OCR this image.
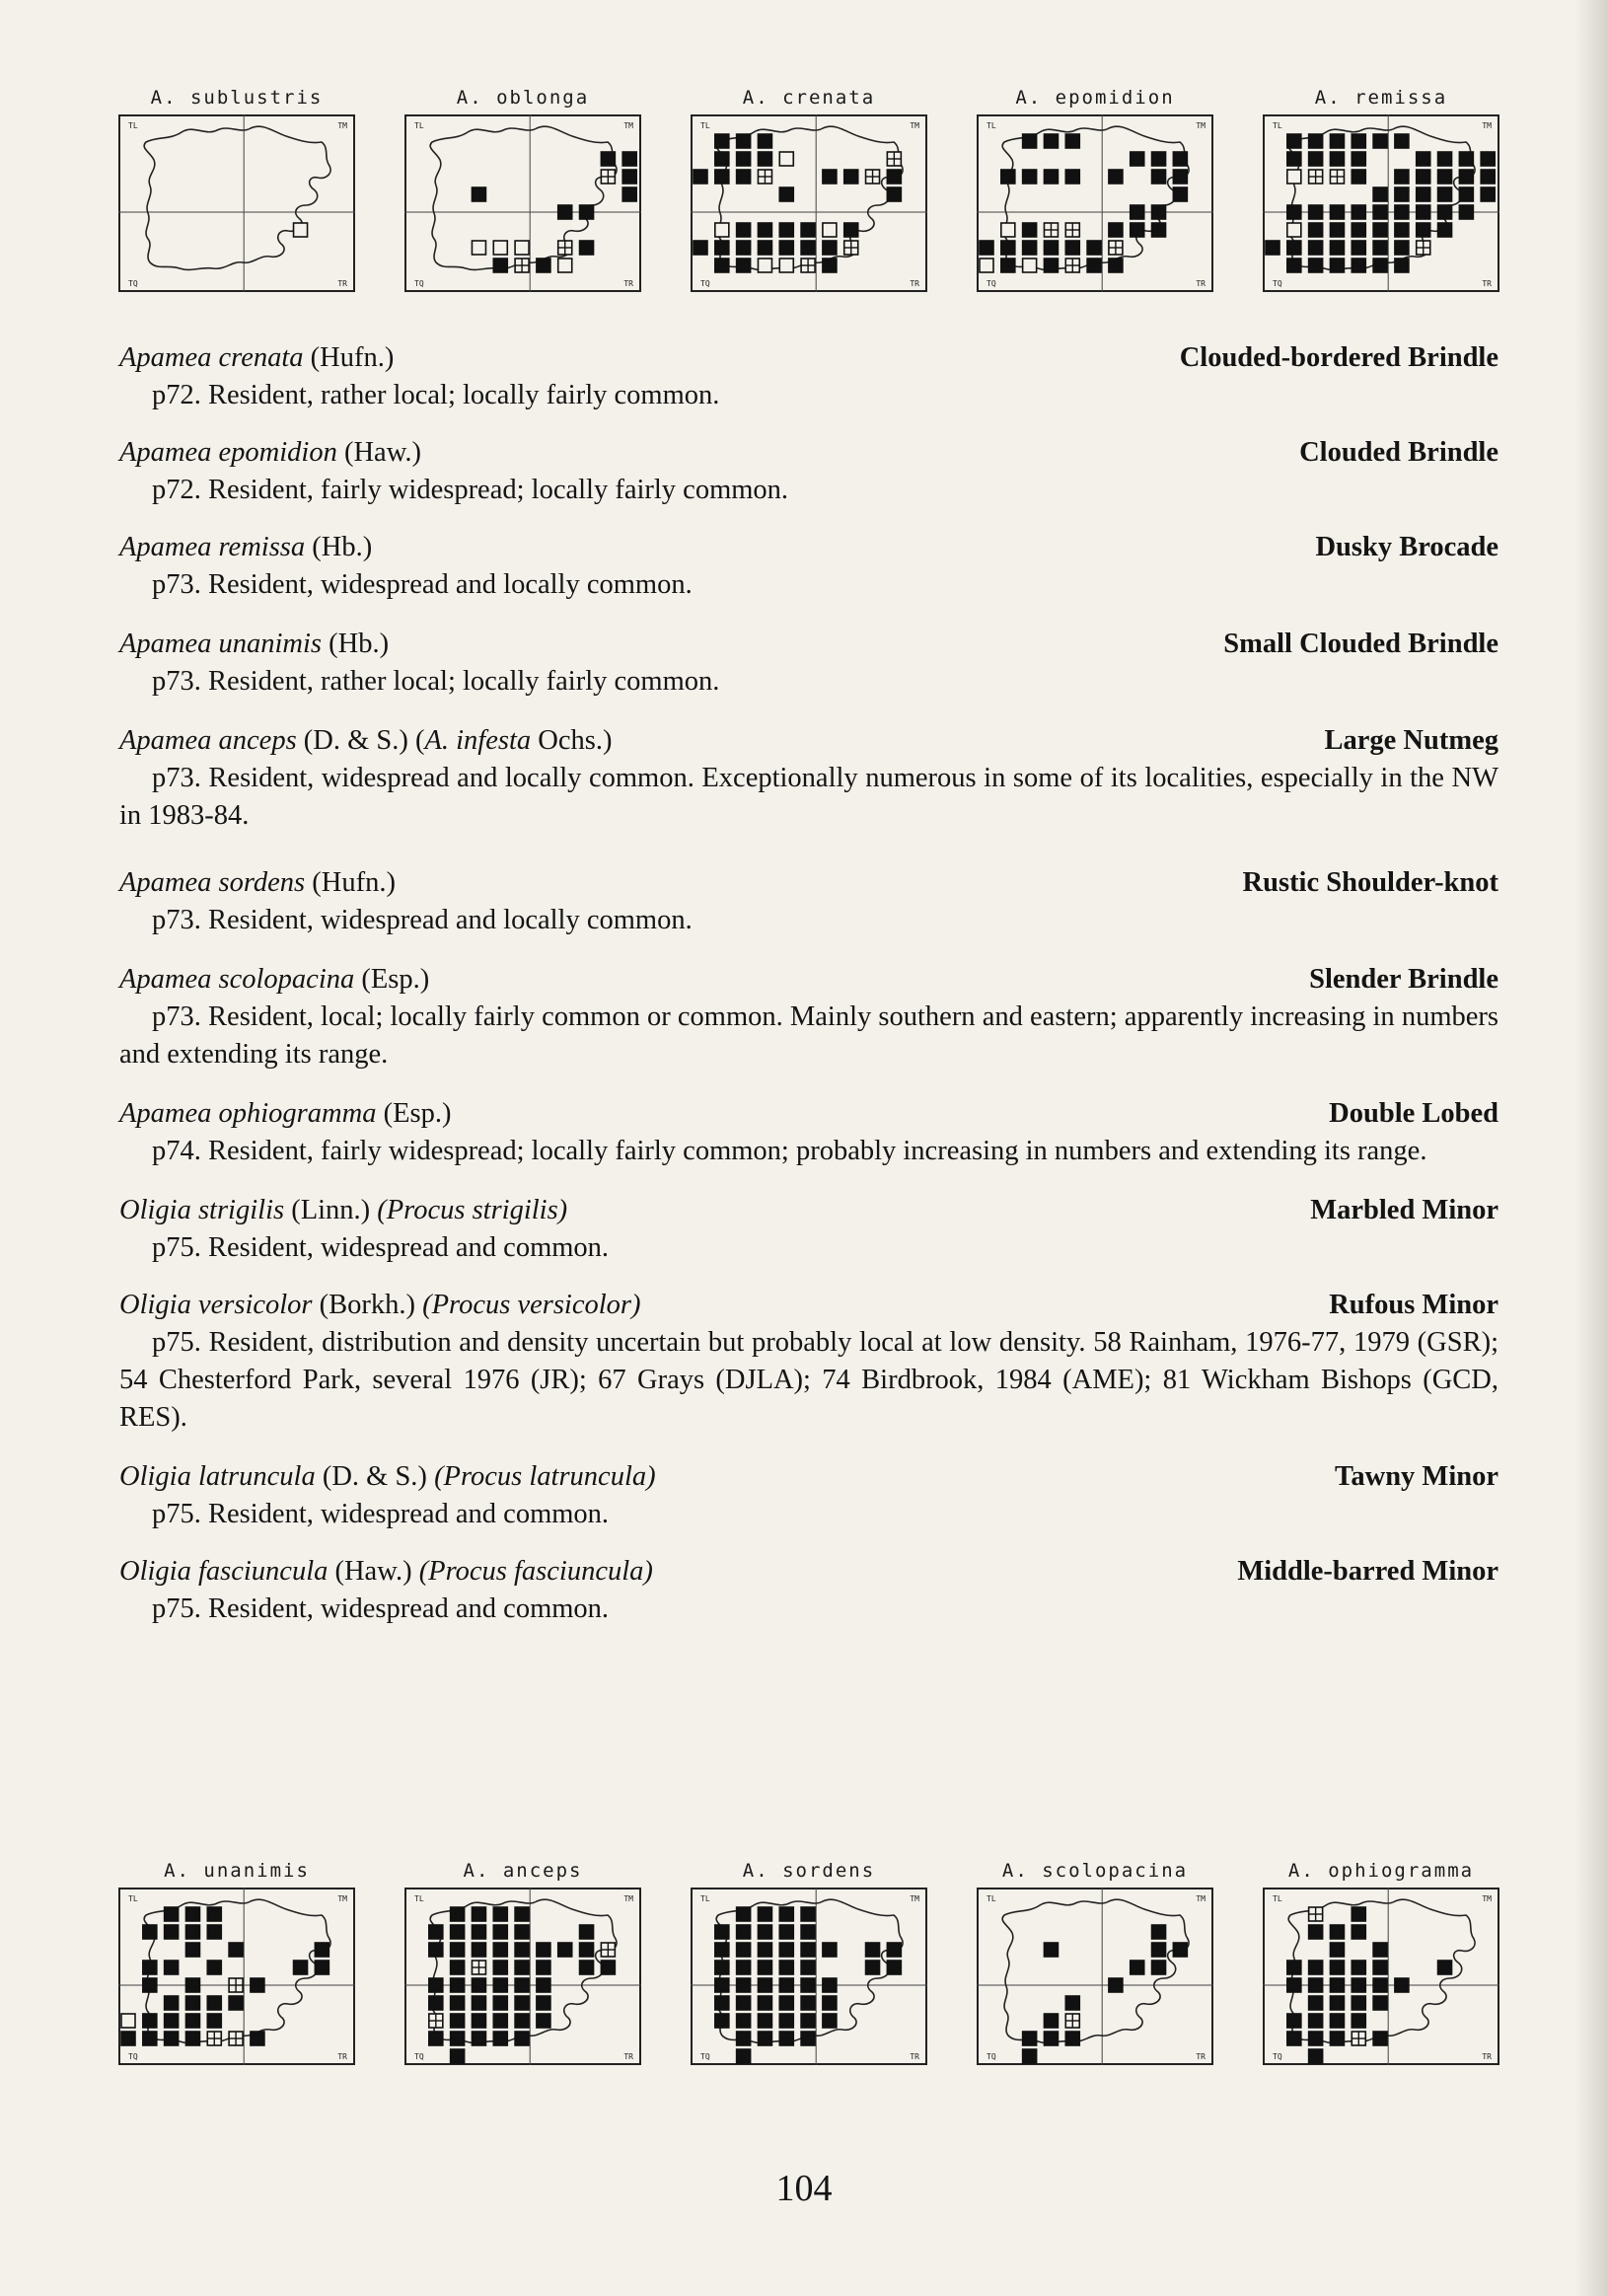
A. sublustris
TL	TM
TQ	TR
A. oblonga
TL	TM
TQ	TR
A. crenata
TL	TM
TQ	TR
A. epomidion
TL	TM
TQ	TR
A. remissa
TL	TM
TQ	TR
Apamea crenata (Hufn.)	Clouded-bordered Brindle
p72. Resident, rather local; locally fairly common.
Apamea epomidion (Haw.)	Clouded Brindle
p72. Resident, fairly widespread; locally fairly common.
Apamea remissa (Hb.)	Dusky Brocade
p73. Resident, widespread and locally common.
Apamea unanimis (Hb.)	Small Clouded Brindle
p73. Resident, rather local; locally fairly common.
Apamea anceps (D. & S.) (A. infesta Ochs.)	Large Nutmeg
p73. Resident, widespread and locally common. Exceptionally numerous in some of its localities, especially in the NW in 1983-84.
Apamea sordens (Hufn.)	Rustic Shoulder-knot
p73. Resident, widespread and locally common.
Apamea scolopacina (Esp.)	Slender Brindle
p73. Resident, local; locally fairly common or common. Mainly southern and eastern; apparently increasing in numbers and extending its range.
Apamea ophiogramma (Esp.)	Double Lobed
p74. Resident, fairly widespread; locally fairly common; probably increasing in numbers and extending its range.
Oligia strigilis (Linn.) (Procus strigilis)	Marbled Minor
p75. Resident, widespread and common.
Oligia versicolor (Borkh.) (Procus versicolor)	Rufous Minor
p75. Resident, distribution and density uncertain but probably local at low density. 58 Rainham, 1976-77, 1979 (GSR); 54 Chesterford Park, several 1976 (JR); 67 Grays (DJLA); 74 Birdbrook, 1984 (AME); 81 Wickham Bishops (GCD, RES).
Oligia latruncula (D. & S.) (Procus latruncula)	Tawny Minor
p75. Resident, widespread and common.
Oligia fasciuncula (Haw.) (Procus fasciuncula)	Middle-barred Minor
p75. Resident, widespread and common.
A. unanimis
TL	TM
TQ	TR
A. anceps
TL	TM
TQ	TR
A. sordens
TL	TM
TQ	TR
A. scolopacina
TL	TM
TQ	TR
A. ophiogramma
TL	TM
TQ	TR
104
